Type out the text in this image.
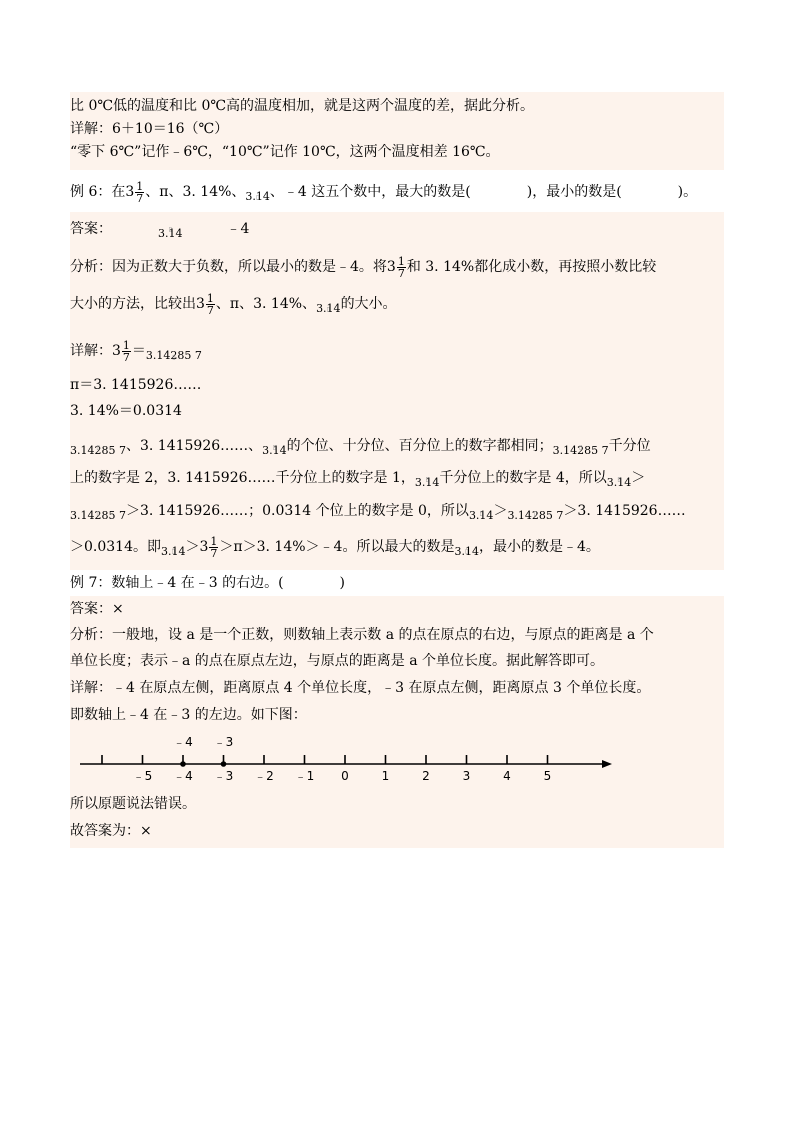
比 0℃低的温度和比 0℃高的温度相加，就是这两个温度的差，据此分析。
详解：6＋10＝16（℃）
“零下 6℃”记作﹣6℃，“10℃”记作 10℃，这两个温度相差 16℃。
例 6：在$3 \frac{1}{7}$ 、π、3. 14%、▯ $_{3.14}$、﹣4 这五个数中，最大的数是(　　　　)，最小的数是(　　　　)。
答案：▯	$_{3.14}$	﹣4
分析：因为正数大于负数，所以最小的数是﹣4。将$3 \frac{1}{7}$ 和 3. 14%都化成小数，再按照小数比较
大小的方法，比较出$3 \frac{1}{7}$ 、π、3. 14%、▯ $_{3.14}$的大小。
详解：$3 \frac{1}{7}$ ＝▯ $_{3.14285 7}$
π＝3. 1415926……
3. 14%＝0.0314
▯ $_{3.14285 7}$、3. 1415926……、▯ $_{3.14}$的个位、十分位、百分位上的数字都相同；▯ $_{3.14285 7}$千分位
上的数字是 2，3. 1415926……千分位上的数字是 1，▯ $_{3.14}$千分位上的数字是 4，所以▯ $_{3.14}$＞
▯ $_{3.14285 7}$＞3. 1415926……；0.0314 个位上的数字是 0，所以▯ $_{3.14}$＞▯ $_{3.14285 7}$＞3. 1415926……
＞0.0314。即▯ $_{3.14}>3 \frac{1}{7} >\pi>3$. 14%＞﹣4。所以最大的数是▯ $_{3.14}$，最小的数是﹣4。
例 7：数轴上﹣4 在﹣3 的右边。(　　　　)
答案：×
分析：一般地，设 a 是一个正数，则数轴上表示数 a 的点在原点的右边，与原点的距离是 a 个
单位长度；表示﹣a 的点在原点左边，与原点的距离是 a 个单位长度。据此解答即可。
详解：﹣4 在原点左侧，距离原点 4 个单位长度，﹣3 在原点左侧，距离原点 3 个单位长度。
即数轴上﹣4 在﹣3 的左边。如下图：
﹣5 ﹣4 ﹣3 ﹣2 ﹣1 0	1	2	3	4	5
﹣4 ﹣3
所以原题说法错误。
故答案为：×
